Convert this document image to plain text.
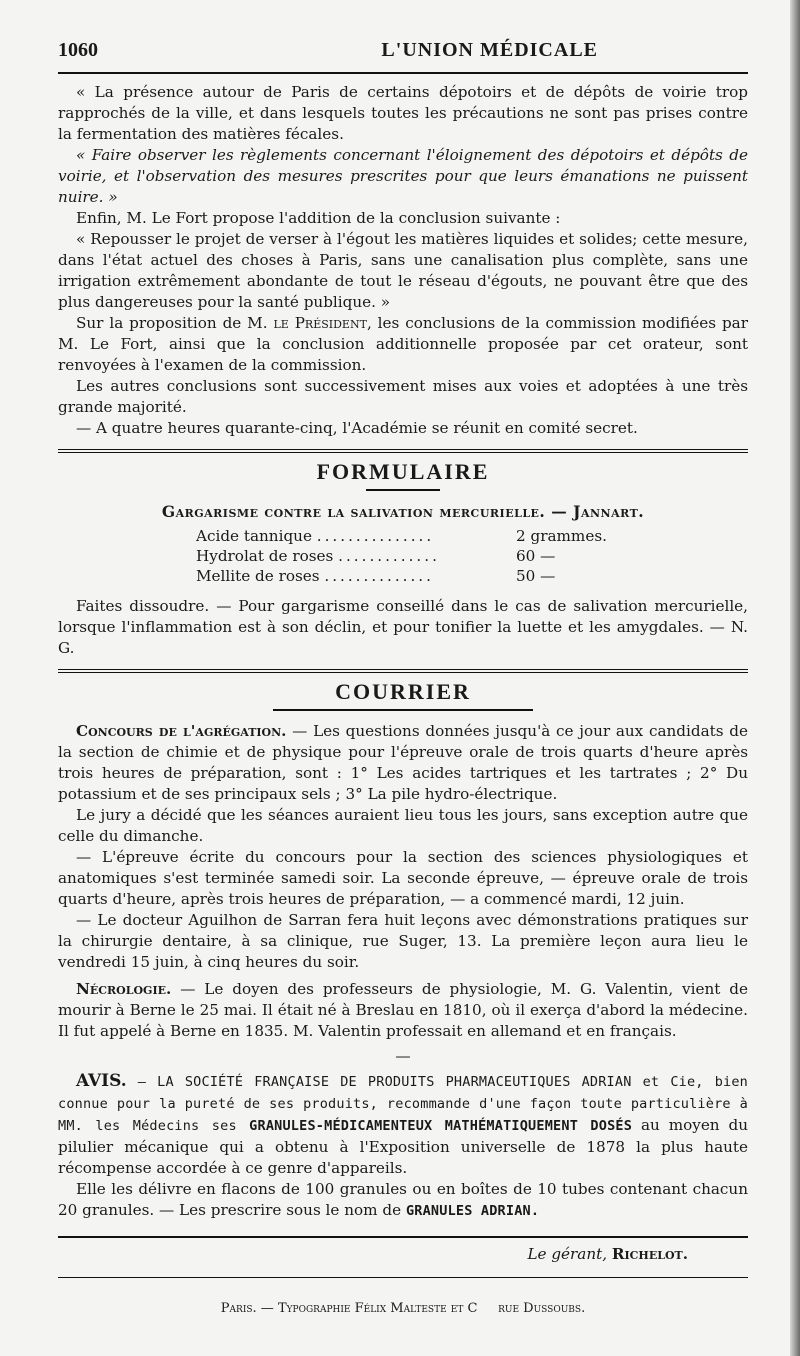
1060	L'UNION MÉDICALE

« La présence autour de Paris de certains dépotoirs et de dépôts de voirie trop rapprochés de la ville, et dans lesquels toutes les précautions ne sont pas prises contre la fermentation des matières fécales.

« Faire observer les règlements concernant l'éloignement des dépotoirs et dépôts de voirie, et l'observation des mesures prescrites pour que leurs émanations ne puissent nuire. »

Enfin, M. Le Fort propose l'addition de la conclusion suivante :

« Repousser le projet de verser à l'égout les matières liquides et solides; cette mesure, dans l'état actuel des choses à Paris, sans une canalisation plus complète, sans une irrigation extrêmement abondante de tout le réseau d'égouts, ne pouvant être que des plus dangereuses pour la santé publique. »

Sur la proposition de M. le Président, les conclusions de la commission modifiées par M. Le Fort, ainsi que la conclusion additionnelle proposée par cet orateur, sont renvoyées à l'examen de la commission.

Les autres conclusions sont successivement mises aux voies et adoptées à une très grande majorité.

— A quatre heures quarante-cinq, l'Académie se réunit en comité secret.

FORMULAIRE
Gargarisme contre la salivation mercurielle. — Jannart.
Acide tannique ...............	2 grammes.
Hydrolat de roses .............	60 —
Mellite de roses ..............	50 —

Faites dissoudre. — Pour gargarisme conseillé dans le cas de salivation mercurielle, lorsque l'inflammation est à son déclin, et pour tonifier la luette et les amygdales. — N. G.

COURRIER

Concours de l'agrégation. — Les questions données jusqu'à ce jour aux candidats de la section de chimie et de physique pour l'épreuve orale de trois quarts d'heure après trois heures de préparation, sont : 1° Les acides tartriques et les tartrates ; 2° Du potassium et de ses principaux sels ; 3° La pile hydro-électrique.

Le jury a décidé que les séances auraient lieu tous les jours, sans exception autre que celle du dimanche.

— L'épreuve écrite du concours pour la section des sciences physiologiques et anatomiques s'est terminée samedi soir. La seconde épreuve, — épreuve orale de trois quarts d'heure, après trois heures de préparation, — a commencé mardi, 12 juin.

— Le docteur Aguilhon de Sarran fera huit leçons avec démonstrations pratiques sur la chirurgie dentaire, à sa clinique, rue Suger, 13. La première leçon aura lieu le vendredi 15 juin, à cinq heures du soir.

Nécrologie. — Le doyen des professeurs de physiologie, M. G. Valentin, vient de mourir à Berne le 25 mai. Il était né à Breslau en 1810, où il exerça d'abord la médecine. Il fut appelé à Berne en 1835. M. Valentin professait en allemand et en français.

—

AVIS. — LA SOCIÉTÉ FRANÇAISE DE PRODUITS PHARMACEUTIQUES ADRIAN et Cie, bien connue pour la pureté de ses produits, recommande d'une façon toute particulière à MM. les Médecins ses GRANULES-MÉDICAMENTEUX MATHÉMATIQUEMENT DOSÉS au moyen du pilulier mécanique qui a obtenu à l'Exposition universelle de 1878 la plus haute récompense accordée à ce genre d'appareils.

Elle les délivre en flacons de 100 granules ou en boîtes de 10 tubes contenant chacun 20 granules. — Les prescrire sous le nom de GRANULES ADRIAN.

Le gérant, Richelot.
Paris. — Typographie Félix Malteste et C     rue Dussoubs.
